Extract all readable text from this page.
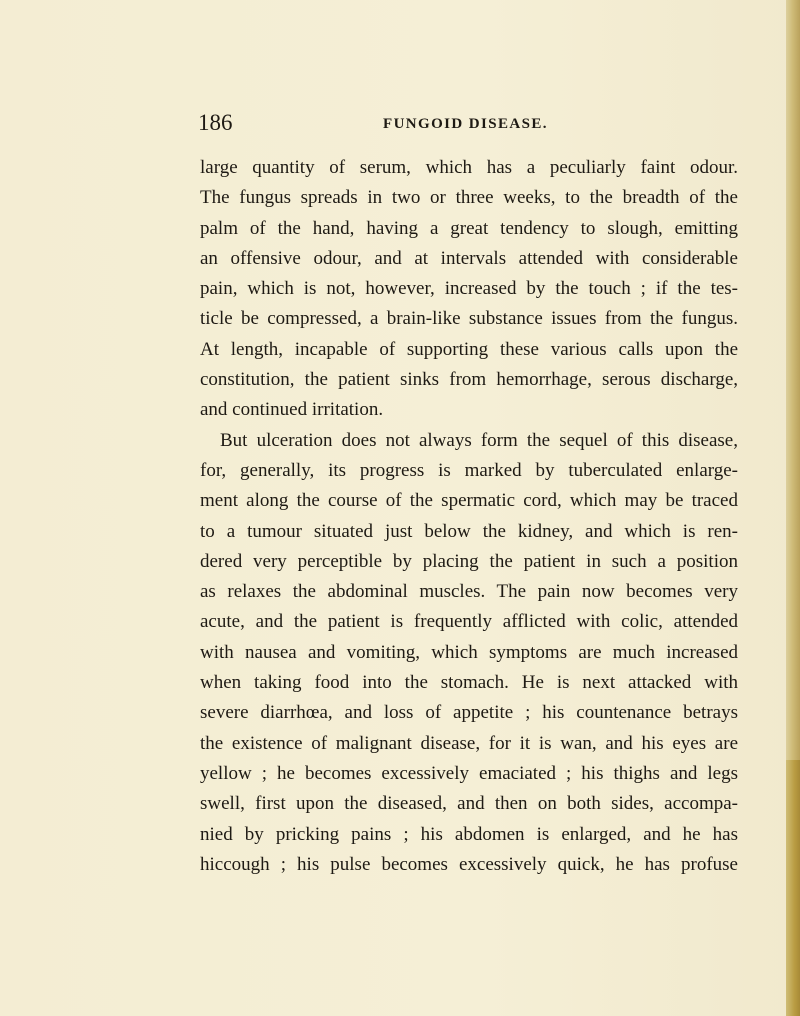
186	FUNGOID DISEASE.
large quantity of serum, which has a peculiarly faint odour.
The fungus spreads in two or three weeks, to the breadth of the
palm of the hand, having a great tendency to slough, emitting
an offensive odour, and at intervals attended with considerable
pain, which is not, however, increased by the touch ; if the tes-
ticle be compressed, a brain-like substance issues from the fungus.
At length, incapable of supporting these various calls upon the
constitution, the patient sinks from hemorrhage, serous discharge,
and continued irritation.
But ulceration does not always form the sequel of this disease,
for, generally, its progress is marked by tuberculated enlarge-
ment along the course of the spermatic cord, which may be traced
to a tumour situated just below the kidney, and which is ren-
dered very perceptible by placing the patient in such a position
as relaxes the abdominal muscles. The pain now becomes very
acute, and the patient is frequently afflicted with colic, attended
with nausea and vomiting, which symptoms are much increased
when taking food into the stomach. He is next attacked with
severe diarrhœa, and loss of appetite ; his countenance betrays
the existence of malignant disease, for it is wan, and his eyes are
yellow ; he becomes excessively emaciated ; his thighs and legs
swell, first upon the diseased, and then on both sides, accompa-
nied by pricking pains ; his abdomen is enlarged, and he has
hiccough ; his pulse becomes excessively quick, he has profuse
